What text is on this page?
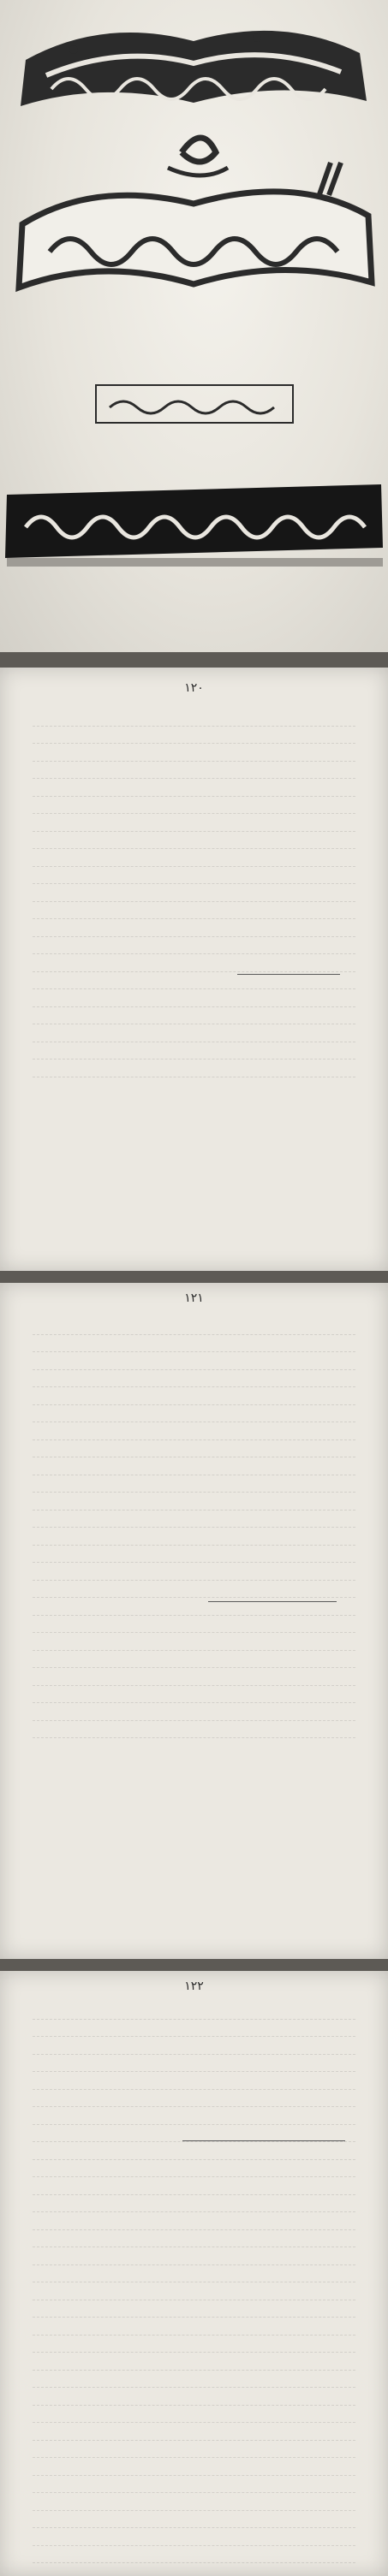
١٢٠

١٢١

١٢٢
